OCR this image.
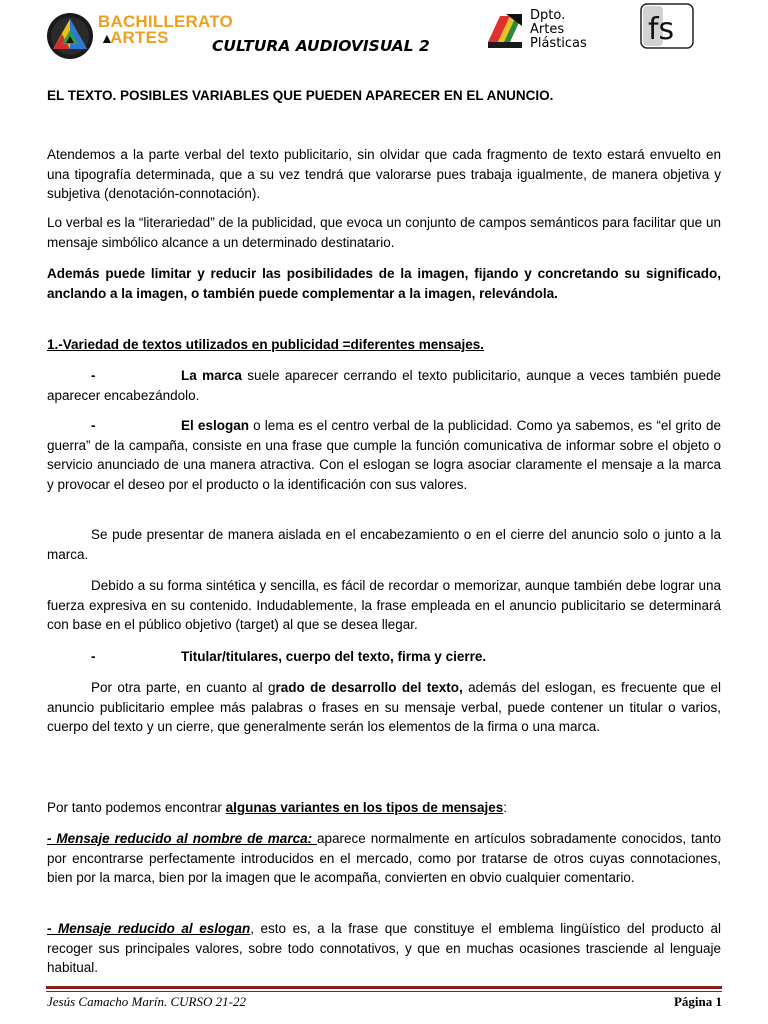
BACHILLERATO
▲ARTES	CULTURA AUDIOVISUAL 2
Dpto.
Artes
Plásticas fs

EL TEXTO. POSIBLES VARIABLES QUE PUEDEN APARECER EN EL ANUNCIO.

Atendemos a la parte verbal del texto publicitario, sin olvidar que cada fragmento de texto estará envuelto en una tipografía determinada, que a su vez tendrá que valorarse pues trabaja igualmente, de manera objetiva y subjetiva (denotación-connotación).

Lo verbal es la “literariedad” de la publicidad, que evoca un conjunto de campos semánticos para facilitar que un mensaje simbólico alcance a un determinado destinatario.

Además puede limitar y reducir las posibilidades de la imagen, fijando y concretando su significado, anclando a la imagen, o también puede complementar a la imagen, relevándola.

1.-Variedad de textos utilizados en publicidad =diferentes mensajes.

-	La marca suele aparecer cerrando el texto publicitario, aunque a veces también puede aparecer encabezándolo.

-	El eslogan o lema es el centro verbal de la publicidad. Como ya sabemos, es “el grito de guerra” de la campaña, consiste en una frase que cumple la función comunicativa de informar sobre el objeto o servicio anunciado de una manera atractiva. Con el eslogan se logra asociar claramente el mensaje a la marca y provocar el deseo por el producto o la identificación con sus valores.

Se pude presentar de manera aislada en el encabezamiento o en el cierre del anuncio solo o junto a la marca.

Debido a su forma sintética y sencilla, es fácil de recordar o memorizar, aunque también debe lograr una fuerza expresiva en su contenido. Indudablemente, la frase empleada en el anuncio publicitario se determinará con base en el público objetivo (target) al que se desea llegar.

-	Titular/titulares, cuerpo del texto, firma y cierre.

Por otra parte, en cuanto al grado de desarrollo del texto, además del eslogan, es frecuente que el anuncio publicitario emplee más palabras o frases en su mensaje verbal, puede contener un titular o varios, cuerpo del texto y un cierre, que generalmente serán los elementos de la firma o una marca.

Por tanto podemos encontrar algunas variantes en los tipos de mensajes:

- Mensaje reducido al nombre de marca: aparece normalmente en artículos sobradamente conocidos, tanto por encontrarse perfectamente introducidos en el mercado, como por tratarse de otros cuyas connotaciones, bien por la marca, bien por la imagen que le acompaña, convierten en obvio cualquier comentario.

- Mensaje reducido al eslogan, esto es, a la frase que constituye el emblema lingüístico del producto al recoger sus principales valores, sobre todo connotativos, y que en muchas ocasiones trasciende al lenguaje habitual.

Jesús Camacho Marín. CURSO 21-22	Página 1
